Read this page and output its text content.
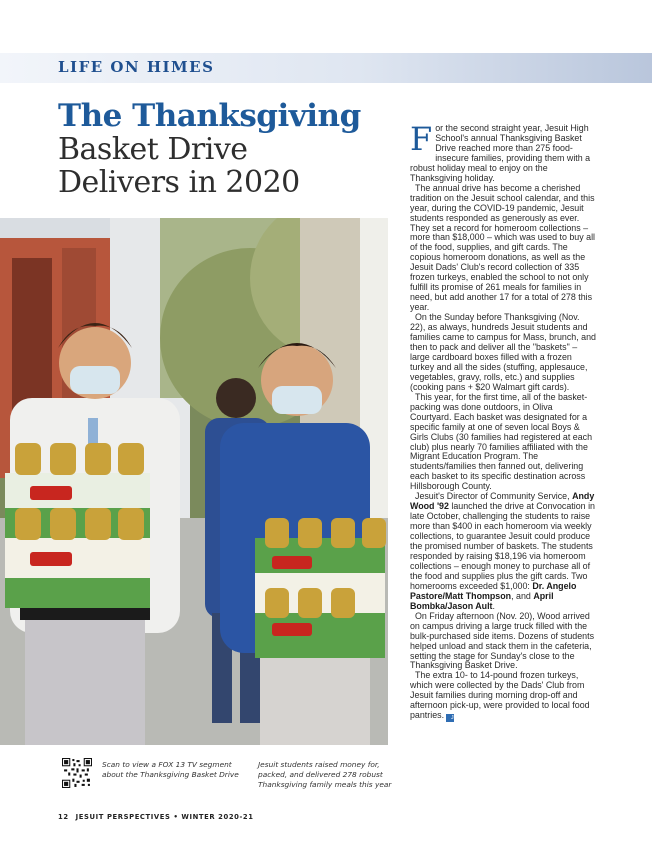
LIFE ON HIMES
The Thanksgiving
Basket Drive
Delivers in 2020

Scan to view a FOX 13 TV segment about the Thanksgiving Basket Drive

Jesuit students raised money for, packed, and delivered 278 robust Thanksgiving family meals this year

For the second straight year, Jesuit High School's annual Thanksgiving Basket Drive reached more than 275 food-insecure families, providing them with a robust holiday meal to enjoy on the Thanksgiving holiday.

The annual drive has become a cherished tradition on the Jesuit school calendar, and this year, during the COVID-19 pandemic, Jesuit students responded as generously as ever. They set a record for homeroom collections – more than $18,000 – which was used to buy all of the food, supplies, and gift cards. The copious homeroom donations, as well as the Jesuit Dads' Club's record collection of 335 frozen turkeys, enabled the school to not only fulfill its promise of 261 meals for families in need, but add another 17 for a total of 278 this year.

On the Sunday before Thanksgiving (Nov. 22), as always, hundreds Jesuit students and families came to campus for Mass, brunch, and then to pack and deliver all the "baskets" – large cardboard boxes filled with a frozen turkey and all the sides (stuffing, applesauce, vegetables, gravy, rolls, etc.) and supplies (cooking pans + $20 Walmart gift cards).

This year, for the first time, all of the basket-packing was done outdoors, in Oliva Courtyard. Each basket was designated for a specific family at one of seven local Boys & Girls Clubs (30 families had registered at each club) plus nearly 70 families affiliated with the Migrant Education Program. The students/families then fanned out, delivering each basket to its specific destination across Hillsborough County.

Jesuit's Director of Community Service, Andy Wood '92 launched the drive at Convocation in late October, challenging the students to raise more than $400 in each homeroom via weekly collections, to guarantee Jesuit could produce the promised number of baskets. The students responded by raising $18,196 via homeroom collections – enough money to purchase all of the food and supplies plus the gift cards. Two homerooms exceeded $1,000: Dr. Angelo Pastore/Matt Thompson, and April Bombka/Jason Ault.

On Friday afternoon (Nov. 20), Wood arrived on campus driving a large truck filled with the bulk-purchased side items. Dozens of students helped unload and stack them in the cafeteria, setting the stage for Sunday's close to the Thanksgiving Basket Drive.

The extra 10- to 14-pound frozen turkeys, which were collected by the Dads' Club from Jesuit families during morning drop-off and afternoon pick-up, were provided to local food pantries. JE

12 JESUIT PERSPECTIVES • WINTER 2020-21
